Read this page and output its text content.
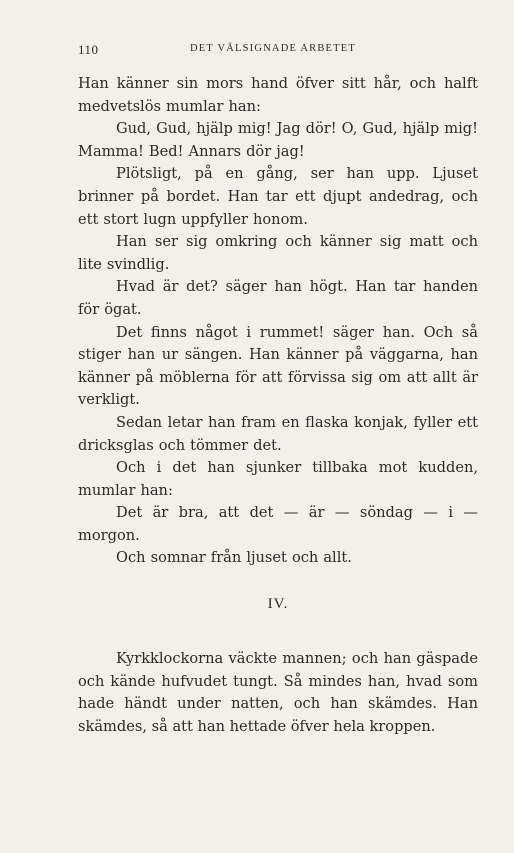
110	DET VÄLSIGNADE ARBETET

Han känner sin mors hand öfver sitt hår, och halft medvetslös mumlar han:

Gud, Gud, hjälp mig! Jag dör! O, Gud, hjälp mig! Mamma! Bed! Annars dör jag!

Plötsligt, på en gång, ser han upp. Ljuset brinner på bordet. Han tar ett djupt andedrag, och ett stort lugn uppfyller honom.

Han ser sig omkring och känner sig matt och lite svindlig.

Hvad är det? säger han högt. Han tar handen för ögat.

Det finns något i rummet! säger han. Och så stiger han ur sängen. Han känner på väggarna, han känner på möblerna för att förvissa sig om att allt är verkligt.

Sedan letar han fram en flaska konjak, fyller ett dricksglas och tömmer det.

Och i det han sjunker tillbaka mot kudden, mumlar han:

Det är bra, att det — är — söndag — i — morgon.

Och somnar från ljuset och allt.

IV.

Kyrkklockorna väckte mannen; och han gäspade och kände hufvudet tungt. Så mindes han, hvad som hade händt under natten, och han skämdes. Han skämdes, så att han hettade öfver hela kroppen.
